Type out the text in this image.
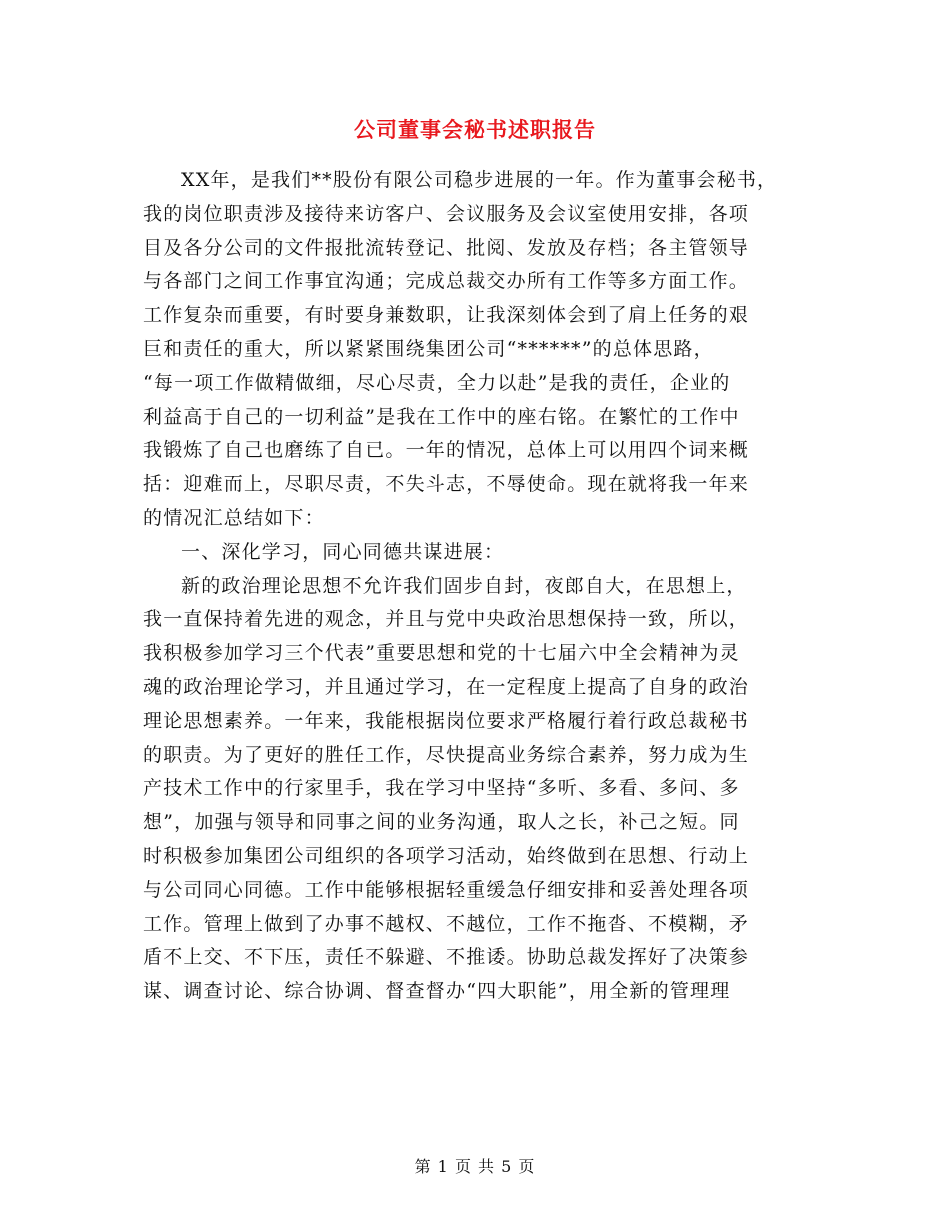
公司董事会秘书述职报告
XX年，是我们**股份有限公司稳步进展的一年。作为董事会秘书，
我的岗位职责涉及接待来访客户、会议服务及会议室使用安排，各项
目及各分公司的文件报批流转登记、批阅、发放及存档；各主管领导
与各部门之间工作事宜沟通；完成总裁交办所有工作等多方面工作。
工作复杂而重要，有时要身兼数职，让我深刻体会到了肩上任务的艰
巨和责任的重大，所以紧紧围绕集团公司“******”的总体思路，
“每一项工作做精做细，尽心尽责，全力以赴”是我的责任，企业的
利益高于自己的一切利益”是我在工作中的座右铭。在繁忙的工作中
我锻炼了自己也磨练了自已。一年的情况，总体上可以用四个词来概
括：迎难而上，尽职尽责，不失斗志，不辱使命。现在就将我一年来
的情况汇总结如下：
一、深化学习，同心同德共谋进展：
新的政治理论思想不允许我们固步自封，夜郎自大，在思想上，
我一直保持着先进的观念，并且与党中央政治思想保持一致，所以，
我积极参加学习三个代表”重要思想和党的十七届六中全会精神为灵
魂的政治理论学习，并且通过学习，在一定程度上提高了自身的政治
理论思想素养。一年来，我能根据岗位要求严格履行着行政总裁秘书
的职责。为了更好的胜任工作，尽快提高业务综合素养，努力成为生
产技术工作中的行家里手，我在学习中坚持“多听、多看、多问、多
想”，加强与领导和同事之间的业务沟通，取人之长，补己之短。同
时积极参加集团公司组织的各项学习活动，始终做到在思想、行动上
与公司同心同德。工作中能够根据轻重缓急仔细安排和妥善处理各项
工作。管理上做到了办事不越权、不越位，工作不拖沓、不模糊，矛
盾不上交、不下压，责任不躲避、不推诿。协助总裁发挥好了决策参
谋、调查讨论、综合协调、督查督办“四大职能”，用全新的管理理
第 1 页 共 5 页
